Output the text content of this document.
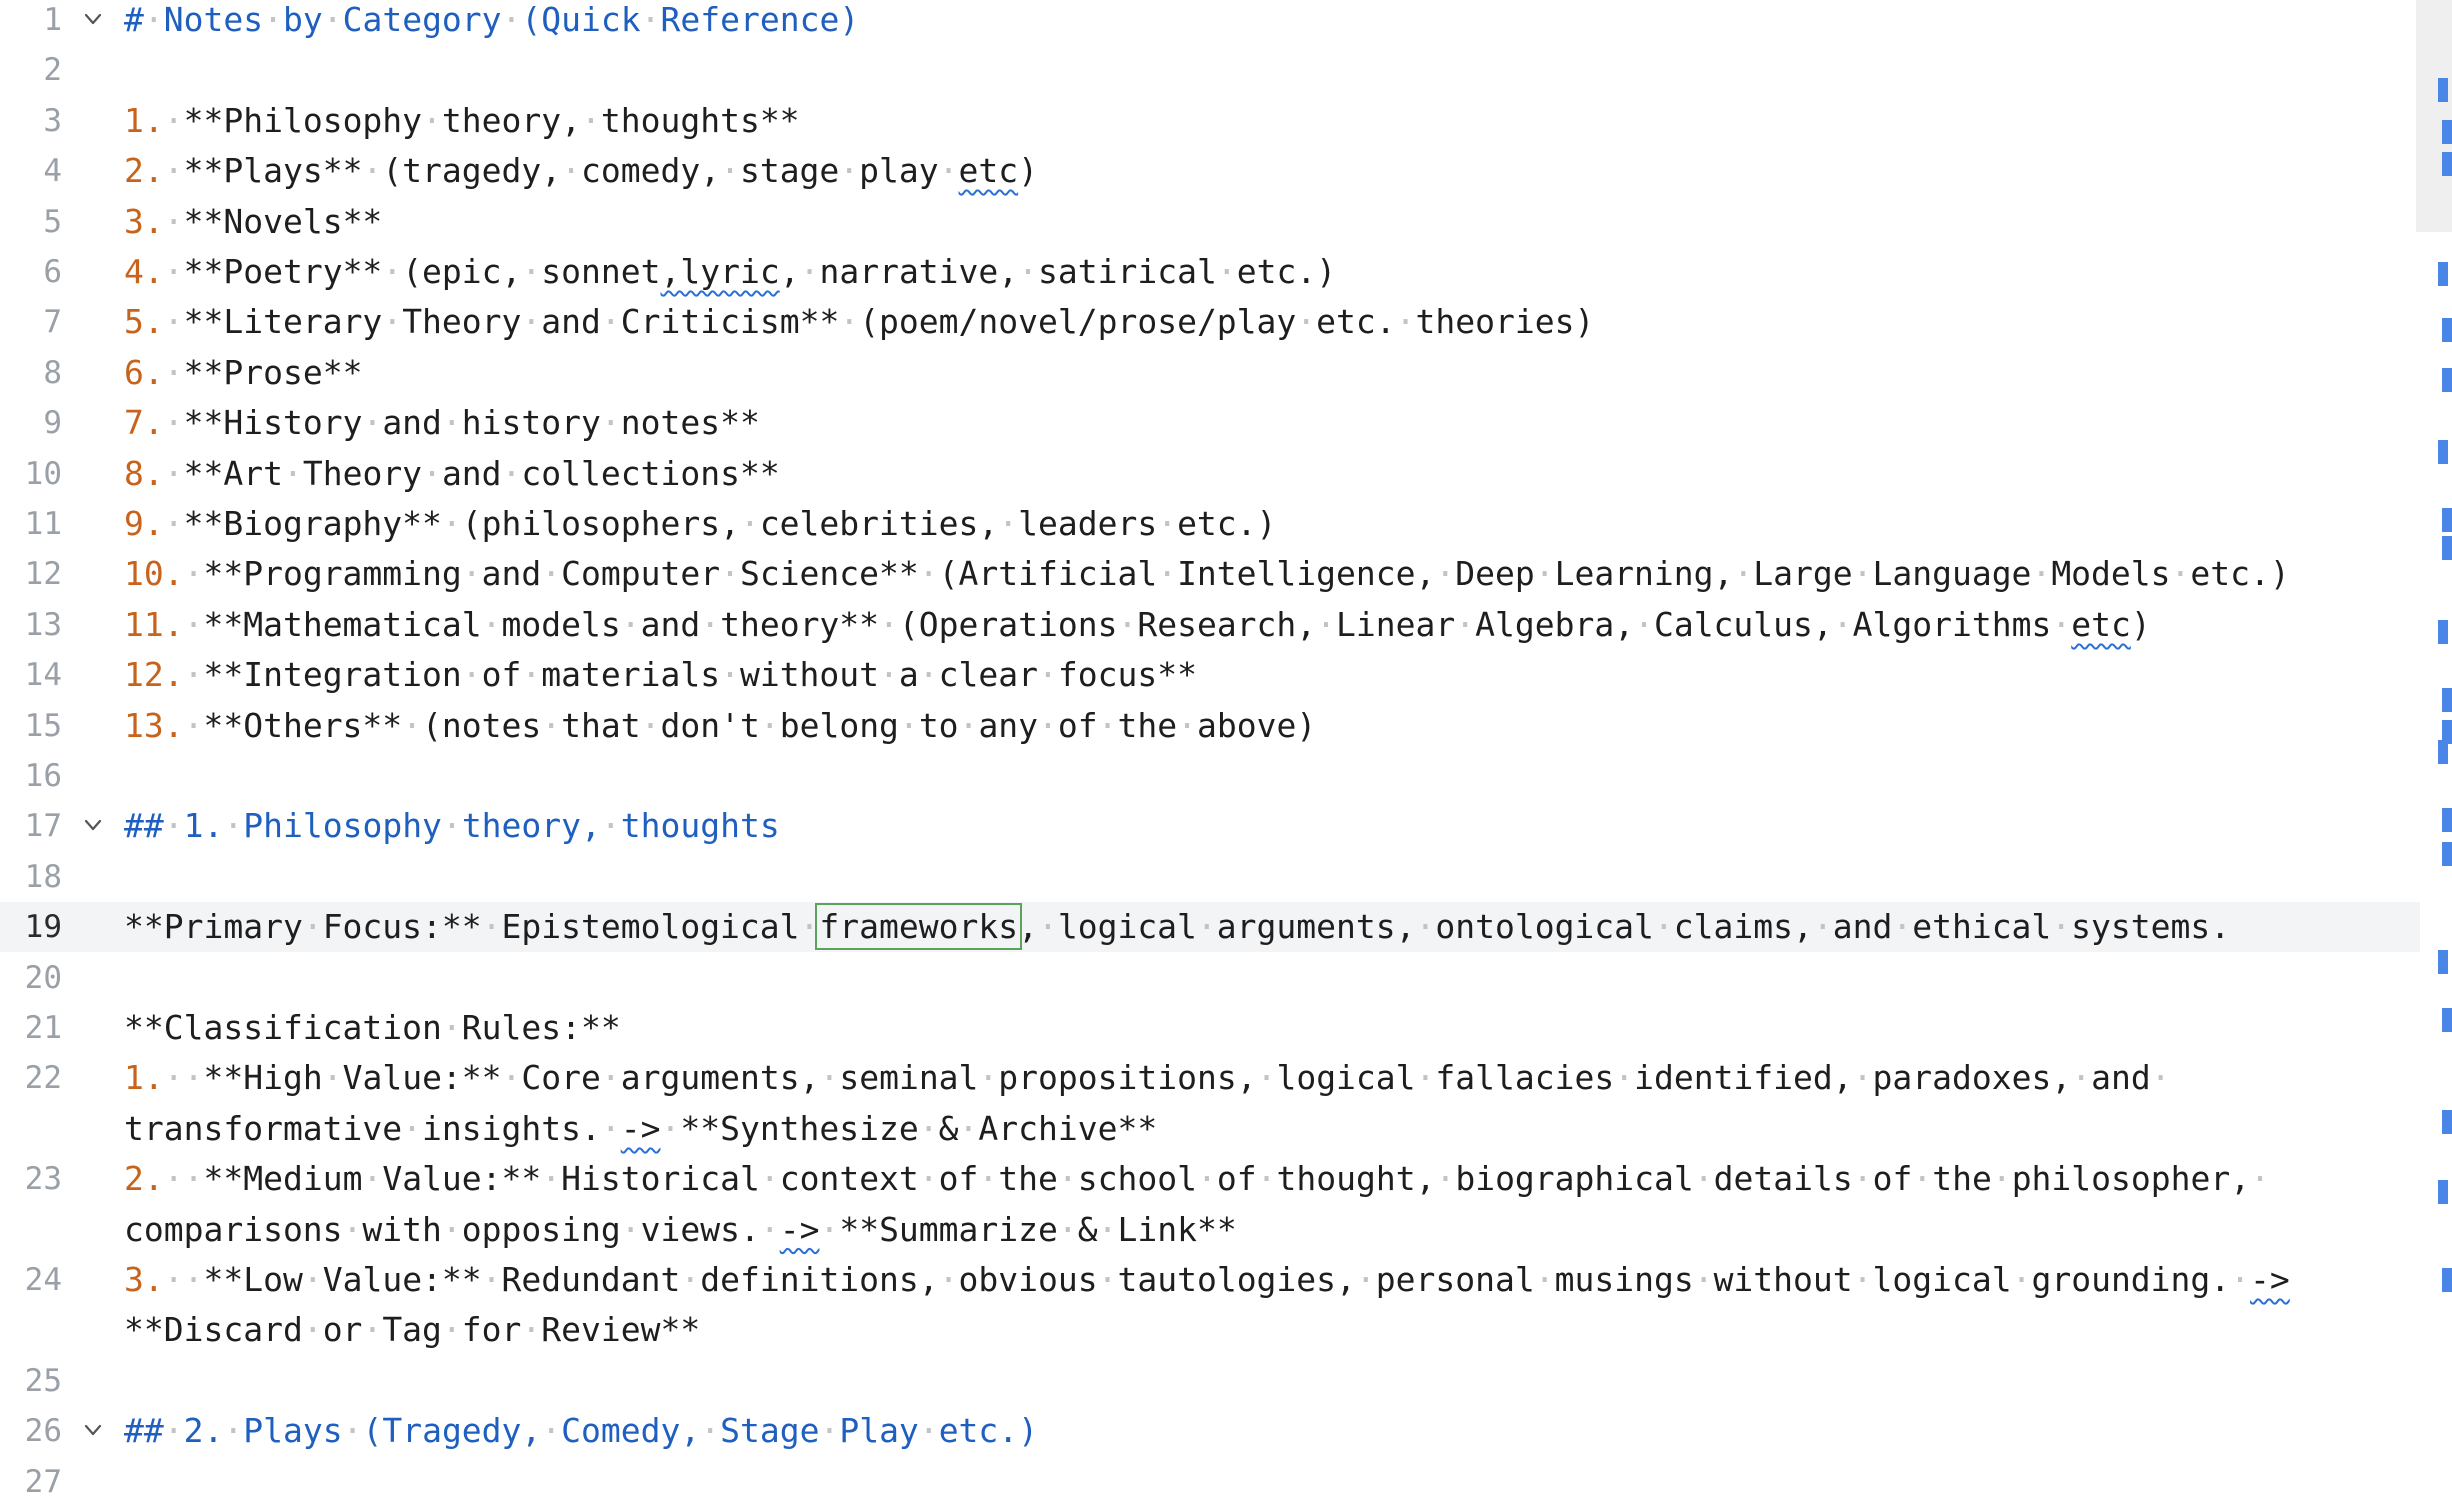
1 #·Notes·by·Category·(Quick·Reference)
2
3 1.·**Philosophy·theory,·thoughts**
4 2.·**Plays**·(tragedy,·comedy,·stage·play·etc)
5 3.·**Novels**
6 4.·**Poetry**·(epic,·sonnet,lyric,·narrative,·satirical·etc.)
7 5.·**Literary·Theory·and·Criticism**·(poem/novel/prose/play·etc.·theories)
8 6.·**Prose**
9 7.·**History·and·history·notes**
10 8.·**Art·Theory·and·collections**
11 9.·**Biography**·(philosophers,·celebrities,·leaders·etc.)
12 10.·**Programming·and·Computer·Science**·(Artificial·Intelligence,·Deep·Learning,·Large·Language·Models·etc.)
13 11.·**Mathematical·models·and·theory**·(Operations·Research,·Linear·Algebra,·Calculus,·Algorithms·etc)
14 12.·**Integration·of·materials·without·a·clear·focus**
15 13.·**Others**·(notes·that·don't·belong·to·any·of·the·above)
16
17 ##·1.·Philosophy·theory,·thoughts
18
19 **Primary·Focus:**·Epistemological·frameworks,·logical·arguments,·ontological·claims,·and·ethical·systems.
20
21 **Classification·Rules:**
22 1.··**High·Value:**·Core·arguments,·seminal·propositions,·logical·fallacies·identified,·paradoxes,·and·
transformative·insights.·->·**Synthesize·&·Archive**
23 2.··**Medium·Value:**·Historical·context·of·the·school·of·thought,·biographical·details·of·the·philosopher,·
comparisons·with·opposing·views.·->·**Summarize·&·Link**
24 3.··**Low·Value:**·Redundant·definitions,·obvious·tautologies,·personal·musings·without·logical·grounding.·->
**Discard·or·Tag·for·Review**
25
26 ##·2.·Plays·(Tragedy,·Comedy,·Stage·Play·etc.)
27
